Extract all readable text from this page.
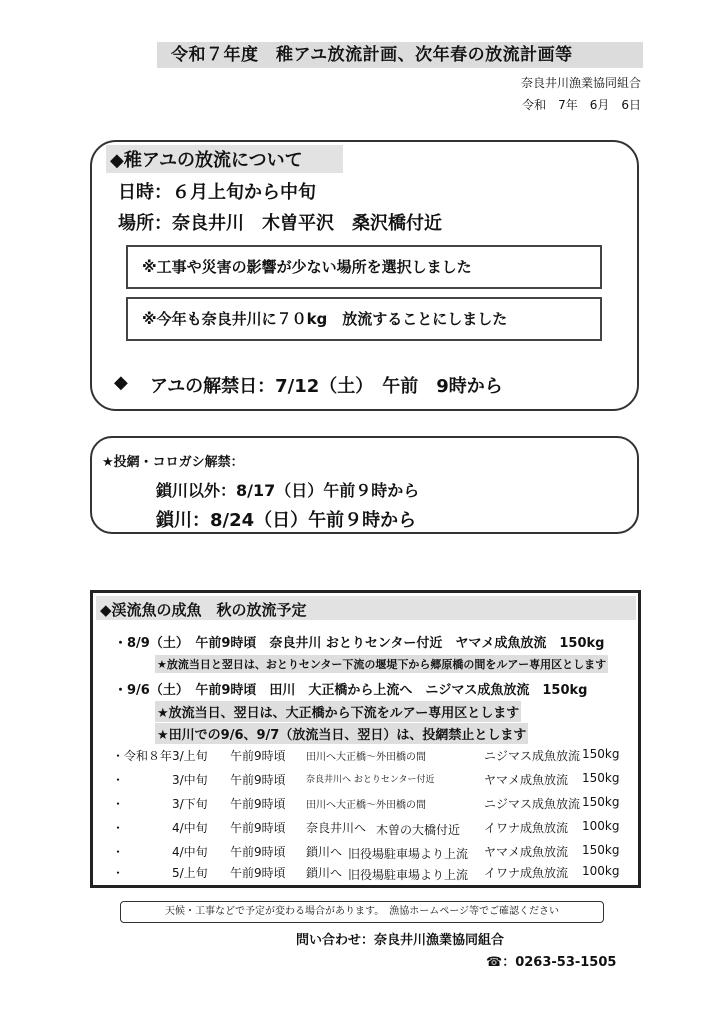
令和７年度　稚アユ放流計画、次年春の放流計画等
奈良井川漁業協同組合
令和　7年　6月　6日
◆稚アユの放流について
日時：６月上旬から中旬
場所：奈良井川　木曽平沢　桑沢橋付近
※工事や災害の影響が少ない場所を選択しました
※今年も奈良井川に７０kg　放流することにしました
◆ アユの解禁日：7/12（土）　午前　9時から
★投網・コロガシ解禁：
鎖川以外：8/17（日）午前９時から
鎖川：8/24（日）午前９時から
◆渓流魚の成魚　秋の放流予定
・8/9（土）　午前9時頃　奈良井川 おとりセンター付近　ヤマメ成魚放流　150kg
★放流当日と翌日は、おとりセンター下流の堰堤下から郷原橋の間をルアー専用区とします
・9/6（土）　午前9時頃　田川　大正橋から上流へ　ニジマス成魚放流　150kg
★放流当日、翌日は、大正橋から下流をルアー専用区とします
★田川での9/6、9/7（放流当日、翌日）は、投網禁止とします
・令和８年 3/上旬 午前9時頃 田川へ大正橋～外田橋の間	ニジマス成魚放流 150kg
・	3/中旬 午前9時頃 奈良井川へ おとりセンター付近	ヤマメ成魚放流 150kg
・	3/下旬 午前9時頃 田川へ大正橋～外田橋の間	ニジマス成魚放流 150kg
・	4/中旬 午前9時頃 奈良井川へ 木曽の大橋付近 イワナ成魚放流 100kg
・	4/中旬 午前9時頃 鎖川へ 旧役場駐車場より上流 ヤマメ成魚放流 150kg
・	5/上旬 午前9時頃 鎖川へ 旧役場駐車場より上流 イワナ成魚放流 100kg
天候・工事などで予定が変わる場合があります。　漁協ホームページ等でご確認ください
問い合わせ：奈良井川漁業協同組合
☎：0263-53-1505
